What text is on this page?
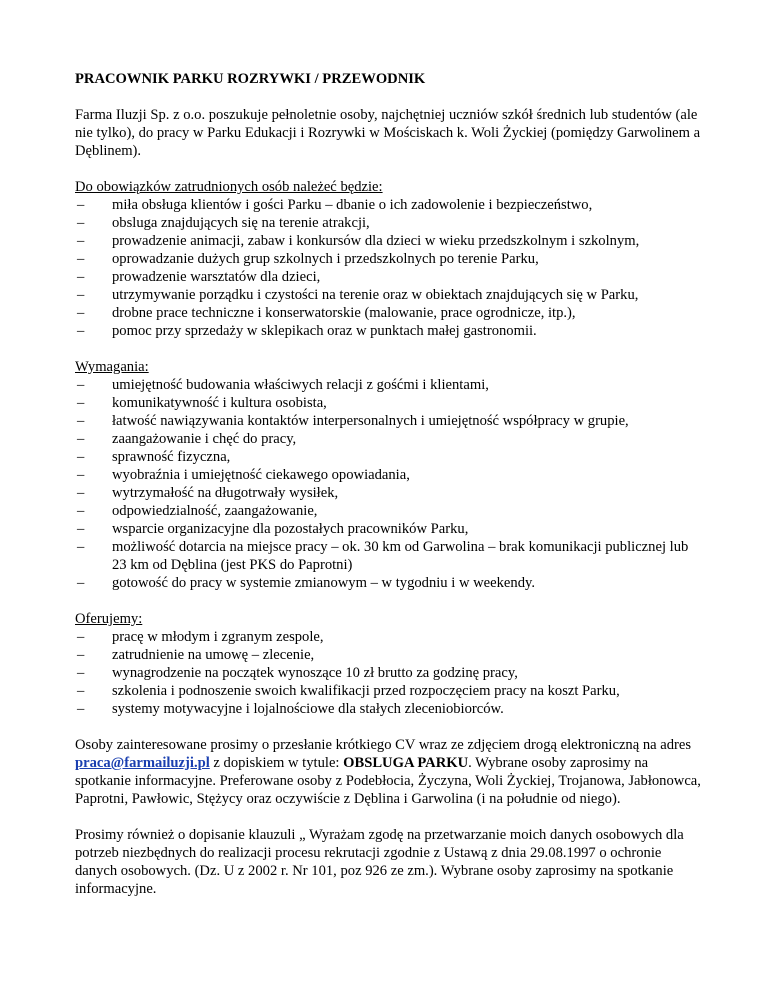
PRACOWNIK PARKU ROZRYWKI / PRZEWODNIK

Farma Iluzji Sp. z o.o. poszukuje pełnoletnie osoby, najchętniej uczniów szkół średnich lub studentów (ale nie tylko), do pracy w Parku Edukacji i Rozrywki w Mościskach k. Woli Życkiej (pomiędzy Garwolinem a Dęblinem).

Do obowiązków zatrudnionych osób należeć będzie:

– miła obsługa klientów i gości Parku – dbanie o ich zadowolenie i bezpieczeństwo,
– obsluga znajdujących się na terenie atrakcji,
– prowadzenie animacji, zabaw i konkursów dla dzieci w wieku przedszkolnym i szkolnym,
– oprowadzanie dużych grup szkolnych i przedszkolnych po terenie Parku,
– prowadzenie warsztatów dla dzieci,
– utrzymywanie porządku i czystości na terenie oraz w obiektach znajdujących się w Parku,
– drobne prace techniczne i konserwatorskie (malowanie, prace ogrodnicze, itp.),
– pomoc przy sprzedaży w sklepikach oraz w punktach małej gastronomii.

Wymagania:

– umiejętność budowania właściwych relacji z gośćmi i klientami,
– komunikatywność i kultura osobista,
– łatwość nawiązywania kontaktów interpersonalnych i umiejętność współpracy w grupie,
– zaangażowanie i chęć do pracy,
– sprawność fizyczna,
– wyobraźnia i umiejętność ciekawego opowiadania,
– wytrzymałość na długotrwały wysiłek,
– odpowiedzialność, zaangażowanie,
– wsparcie organizacyjne dla pozostałych pracowników Parku,
– możliwość dotarcia na miejsce pracy – ok. 30 km od Garwolina – brak komunikacji publicznej lub 23 km od Dęblina (jest PKS do Paprotni)
– gotowość do pracy w systemie zmianowym – w tygodniu i w weekendy.

Oferujemy:

– pracę w młodym i zgranym zespole,
– zatrudnienie na umowę – zlecenie,
– wynagrodzenie na początek wynoszące 10 zł brutto za godzinę pracy,
– szkolenia i podnoszenie swoich kwalifikacji przed rozpoczęciem pracy na koszt Parku,
– systemy motywacyjne i lojalnościowe dla stałych zleceniobiorców.

Osoby zainteresowane prosimy o przesłanie krótkiego CV wraz ze zdjęciem drogą elektroniczną na adres praca@farmailuzji.pl z dopiskiem w tytule: OBSLUGA PARKU. Wybrane osoby zaprosimy na spotkanie informacyjne. Preferowane osoby z Podebłocia, Życzyna, Woli Życkiej, Trojanowa, Jabłonowca, Paprotni, Pawłowic, Stężycy oraz oczywiście z Dęblina i Garwolina (i na południe od niego).

Prosimy również o dopisanie klauzuli „ Wyrażam zgodę na przetwarzanie moich danych osobowych dla potrzeb niezbędnych do realizacji procesu rekrutacji zgodnie z Ustawą z dnia 29.08.1997 o ochronie danych osobowych. (Dz. U z 2002 r. Nr 101, poz 926 ze zm.). Wybrane osoby zaprosimy na spotkanie informacyjne.
